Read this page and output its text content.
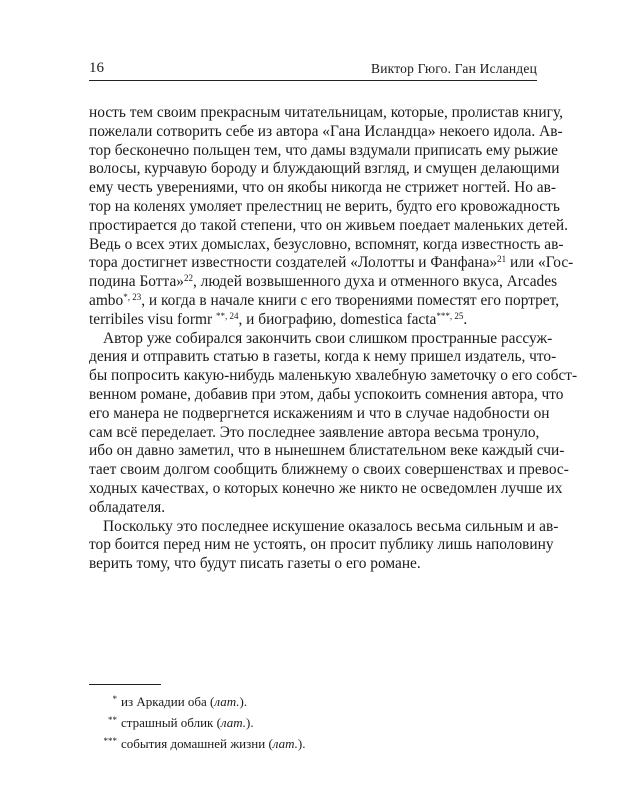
16	Виктор Гюго. Ган Исландец
ность тем своим прекрасным читательницам, которые, пролистав книгу,
пожелали сотворить себе из автора «Гана Исландца» некоего идола. Ав-
тор бесконечно польщен тем, что дамы вздумали приписать ему рыжие
волосы, курчавую бороду и блуждающий взгляд, и смущен делающими
ему честь уверениями, что он якобы никогда не стрижет ногтей. Но ав-
тор на коленях умоляет прелестниц не верить, будто его кровожадность
простирается до такой степени, что он живьем поедает маленьких детей.
Ведь о всех этих домыслах, безусловно, вспомнят, когда известность ав-
тора достигнет известности создателей «Лолотты и Фанфана»$^{21}$ или «Гос-
подина Ботта»$^{22}$, людей возвышенного духа и отменного вкуса, Arcades
ambo$^{*, 23}$, и когда в начале книги с его творениями поместят его портрет,
terribiles visu formr $^{**, 24}$, и биографию, domestica facta$^{***, 25}$.
Автор уже собирался закончить свои слишком пространные рассуж-
дения и отправить статью в газеты, когда к нему пришел издатель, что-
бы попросить какую-нибудь маленькую хвалебную заметочку о его собст-
венном романе, добавив при этом, дабы успокоить сомнения автора, что
его манера не подвергнется искажениям и что в случае надобности он
сам всё переделает. Это последнее заявление автора весьма тронуло,
ибо он давно заметил, что в нынешнем блистательном веке каждый счи-
тает своим долгом сообщить ближнему о своих совершенствах и превос-
ходных качествах, о которых конечно же никто не осведомлен лучше их
обладателя.
Поскольку это последнее искушение оказалось весьма сильным и ав-
тор боится перед ним не устоять, он просит публику лишь наполовину
верить тому, что будут писать газеты о его романе.
* из Аркадии оба (лат.).
** страшный облик (лат.).
*** события домашней жизни (лат.).
